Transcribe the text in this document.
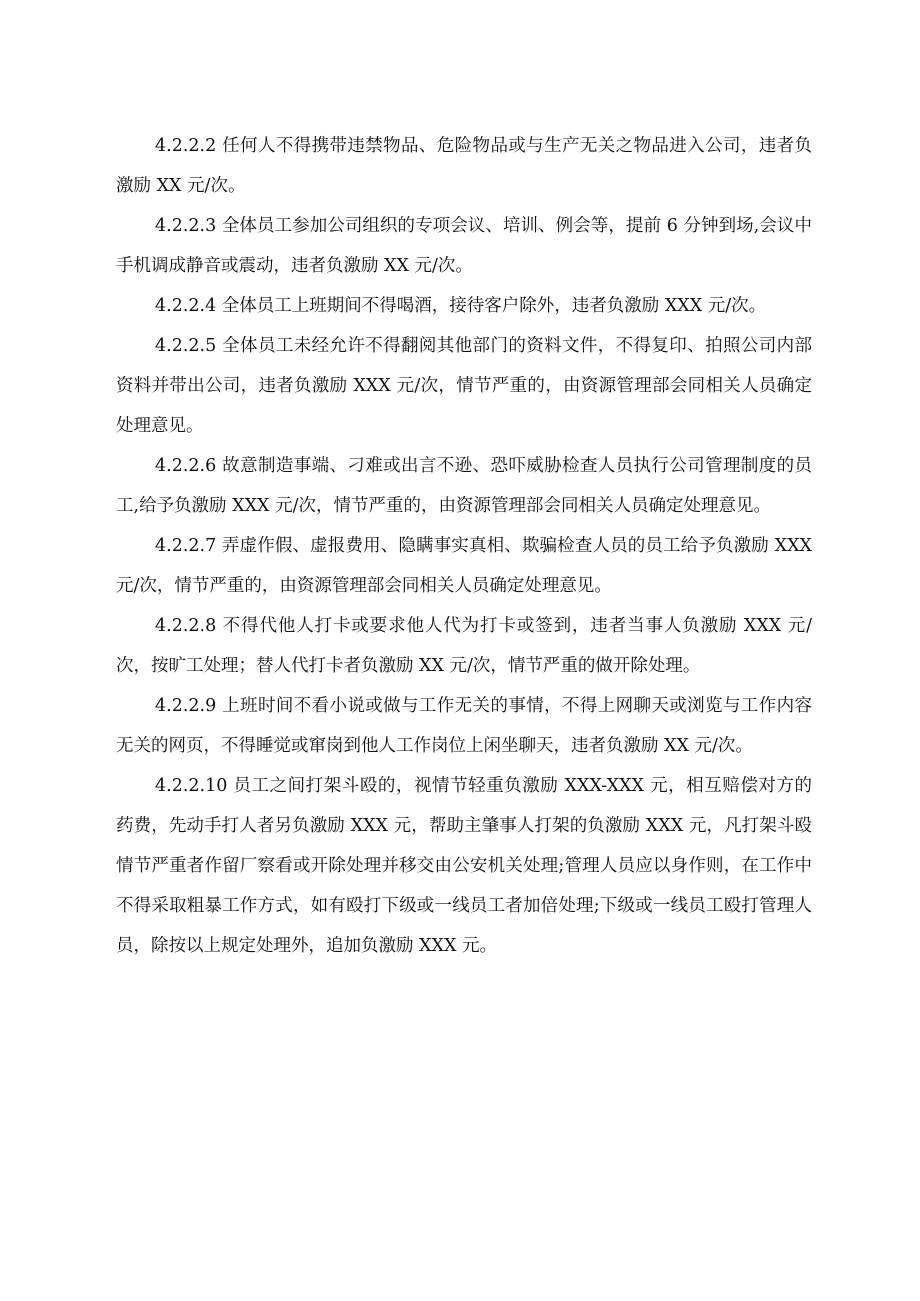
4.2.2.2 任何人不得携带违禁物品、危险物品或与生产无关之物品进入公司，违者负激励 XX 元/次。

4.2.2.3 全体员工参加公司组织的专项会议、培训、例会等，提前 6 分钟到场,会议中手机调成静音或震动，违者负激励 XX 元/次。

4.2.2.4 全体员工上班期间不得喝酒，接待客户除外，违者负激励 XXX 元/次。

4.2.2.5 全体员工未经允许不得翻阅其他部门的资料文件，不得复印、拍照公司内部资料并带出公司，违者负激励 XXX 元/次，情节严重的，由资源管理部会同相关人员确定处理意见。

4.2.2.6 故意制造事端、刁难或出言不逊、恐吓威胁检查人员执行公司管理制度的员工,给予负激励 XXX 元/次，情节严重的，由资源管理部会同相关人员确定处理意见。

4.2.2.7 弄虚作假、虚报费用、隐瞒事实真相、欺骗检查人员的员工给予负激励 XXX 元/次，情节严重的，由资源管理部会同相关人员确定处理意见。

4.2.2.8 不得代他人打卡或要求他人代为打卡或签到，违者当事人负激励 XXX 元/次，按旷工处理；替人代打卡者负激励 XX 元/次，情节严重的做开除处理。

4.2.2.9 上班时间不看小说或做与工作无关的事情，不得上网聊天或浏览与工作内容无关的网页，不得睡觉或窜岗到他人工作岗位上闲坐聊天，违者负激励 XX 元/次。

4.2.2.10 员工之间打架斗殴的，视情节轻重负激励 XXX-XXX 元，相互赔偿对方的药费，先动手打人者另负激励 XXX 元，帮助主肇事人打架的负激励 XXX 元，凡打架斗殴情节严重者作留厂察看或开除处理并移交由公安机关处理;管理人员应以身作则，在工作中不得采取粗暴工作方式，如有殴打下级或一线员工者加倍处理;下级或一线员工殴打管理人员，除按以上规定处理外，追加负激励 XXX 元。
